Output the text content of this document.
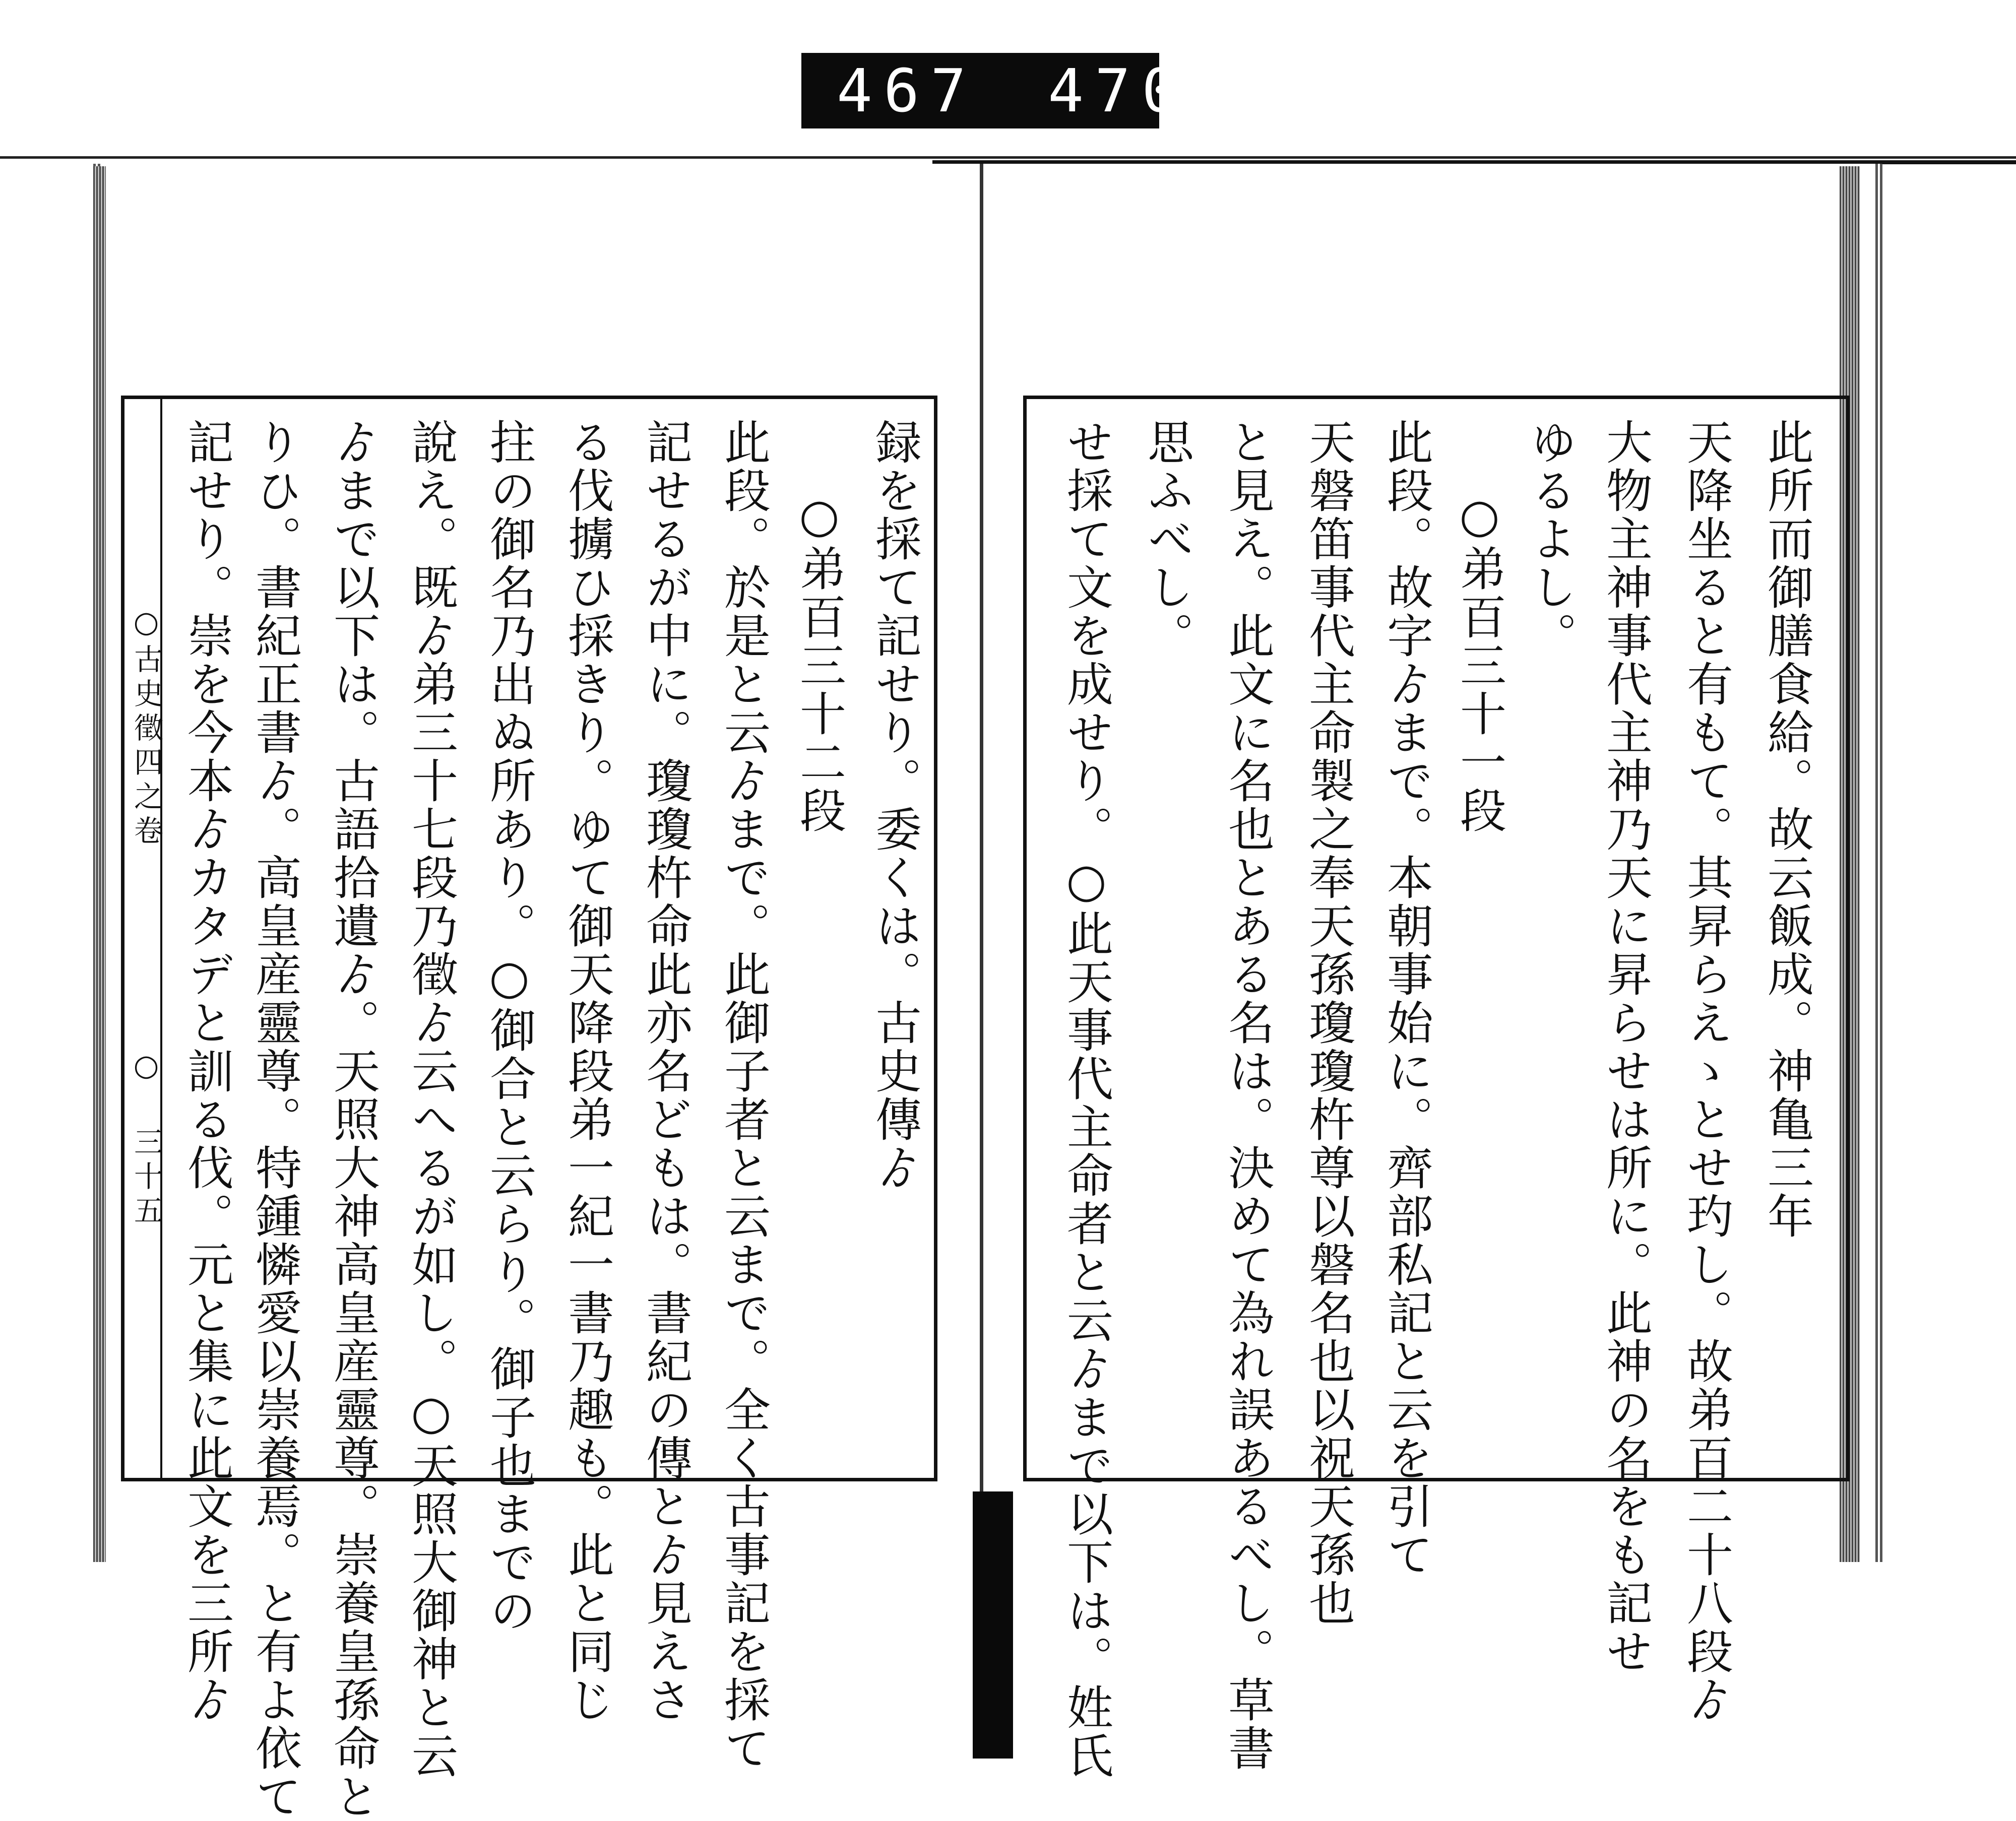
467 470.
此所而御膳食給。故云飯成。神亀三年
天降坐ると有もて。其昇らえゝとせ玓し。故弟百二十八段ゟ
大物主神事代主神乃天に昇らせは所に。此神の名をも記せ
ゆるよし。
○弟百三十一段
此段。故字ゟまで。本朝事始に。齊部私記と云を引て
天磐笛事代主命製之奉天孫瓊瓊杵尊以磐名也以祝天孫也
と見え。此文に名也とある名は。決めて為れ誤あるべし。草書
思ふべし。
せ採て文を成せり。○此天事代主命者と云ゟまで以下は。姓氏
録を採て記せり。委くは。古史傳ゟ
○弟百三十二段
此段。於是と云ゟまで。此御子者と云まで。全く古事記を採て
記せるが中に。瓊瓊杵命此亦名どもは。書紀の傳とゟ見えさ
る伐擄ひ採きり。ゆて御天降段弟一紀一書乃趣も。此と同じ
拄の御名乃出ぬ所あり。○御合と云らり。御子也までの
說え。既ゟ弟三十七段乃徵ゟ云へるが如し。○天照大御神と云
ゟまで以下は。古語拾遺ゟ。天照大神高皇産靈尊。崇養皇孫命と
りひ。書紀正書ゟ。高皇産靈尊。特鍾憐愛以崇養焉。と有よ依て
記せり。崇を今本ゟカタデと訓る伐。元と集に此文を三所ゟ
○古史徵四之卷
○ 三十五
